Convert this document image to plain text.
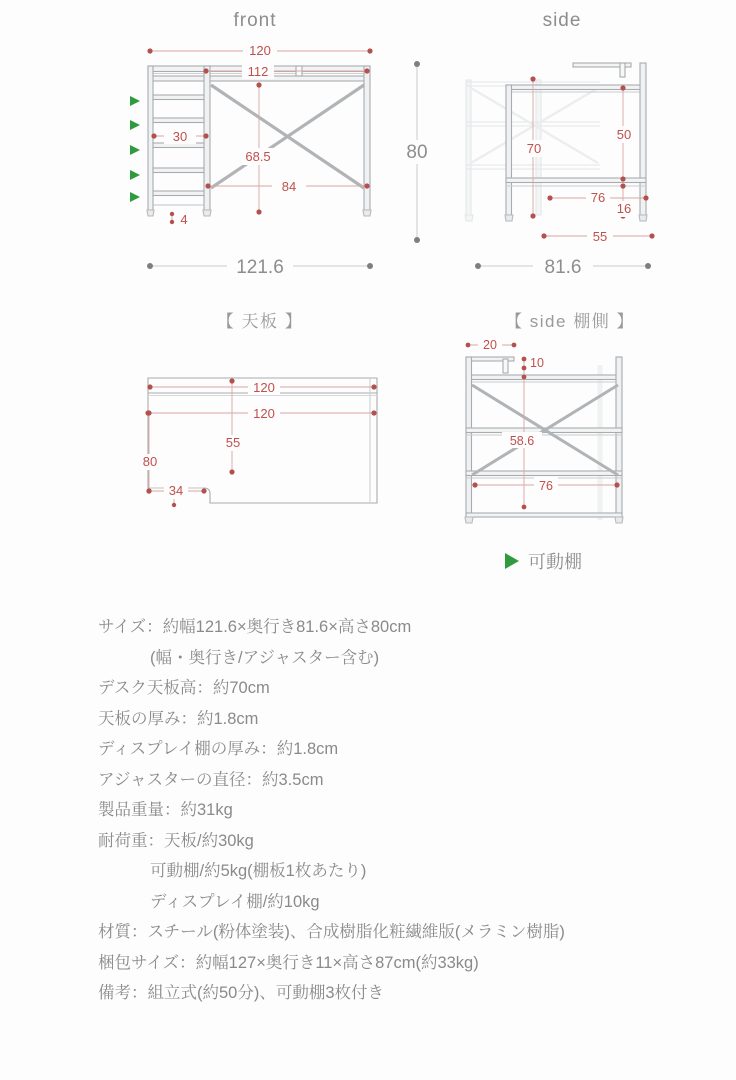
front
120
112
30
68.5
84
4
80
121.6
side
70
50
76
16
55
81.6
【 天板 】
120
120
55
80
34
【 side 棚側 】
20
10
58.6
76
可動棚
サイズ：約幅121.6×奥行き81.6×高さ80cm
(幅・奥行き/アジャスター含む)
デスク天板高：約70cm
天板の厚み：約1.8cm
ディスプレイ棚の厚み：約1.8cm
アジャスターの直径：約3.5cm
製品重量：約31kg
耐荷重：天板/約30kg
可動棚/約5kg(棚板1枚あたり)
ディスプレイ棚/約10kg
材質：スチール(粉体塗装)、合成樹脂化粧繊維版(メラミン樹脂)
梱包サイズ：約幅127×奥行き11×高さ87cm(約33kg)
備考：組立式(約50分)、可動棚3枚付き
